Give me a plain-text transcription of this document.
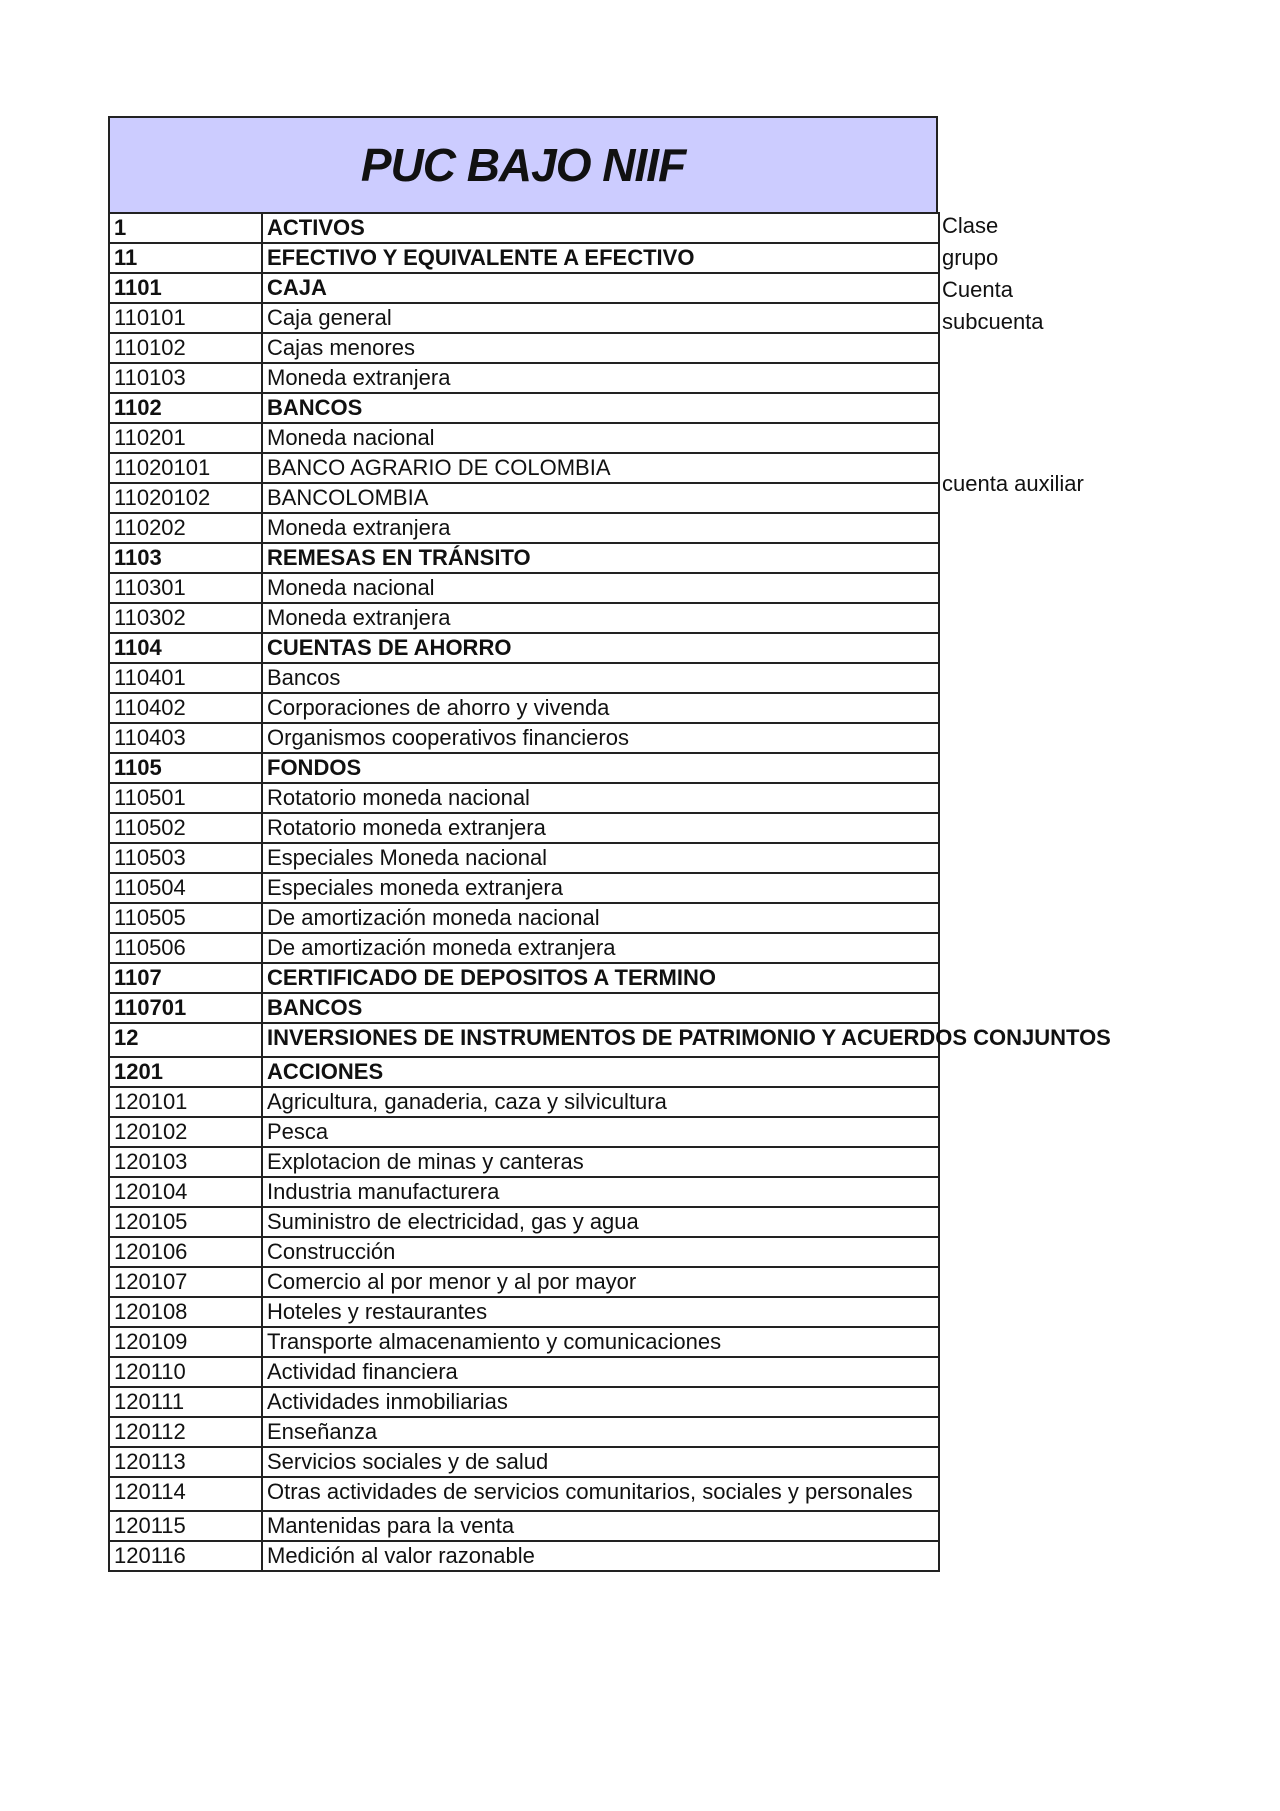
PUC BAJO NIIF
1	ACTIVOS
11	EFECTIVO Y EQUIVALENTE A EFECTIVO
1101	CAJA
110101	Caja general
110102	Cajas menores
110103	Moneda extranjera
1102	BANCOS
110201	Moneda nacional
11020101	BANCO AGRARIO DE COLOMBIA
11020102	BANCOLOMBIA
110202	Moneda extranjera
1103	REMESAS EN TRÁNSITO
110301	Moneda nacional
110302	Moneda extranjera
1104	CUENTAS DE AHORRO
110401	Bancos
110402	Corporaciones de ahorro y vivenda
110403	Organismos cooperativos financieros
1105	FONDOS
110501	Rotatorio moneda nacional
110502	Rotatorio moneda extranjera
110503	Especiales Moneda nacional
110504	Especiales moneda extranjera
110505	De amortización moneda nacional
110506	De amortización moneda extranjera
1107	CERTIFICADO DE DEPOSITOS A TERMINO
110701	BANCOS
12	INVERSIONES DE INSTRUMENTOS DE PATRIMONIO Y ACUERDOS CONJUNTOS
1201	ACCIONES
120101	Agricultura, ganaderia, caza y silvicultura
120102	Pesca
120103	Explotacion de minas y canteras
120104	Industria manufacturera
120105	Suministro de electricidad, gas y agua
120106	Construcción
120107	Comercio al por menor y al por mayor
120108	Hoteles y restaurantes
120109	Transporte almacenamiento y comunicaciones
120110	Actividad financiera
120111	Actividades inmobiliarias
120112	Enseñanza
120113	Servicios sociales y de salud
120114	Otras actividades de servicios comunitarios, sociales y personales
120115	Mantenidas para la venta
120116	Medición al valor razonable
Clase
grupo
Cuenta
subcuenta
cuenta auxiliar
